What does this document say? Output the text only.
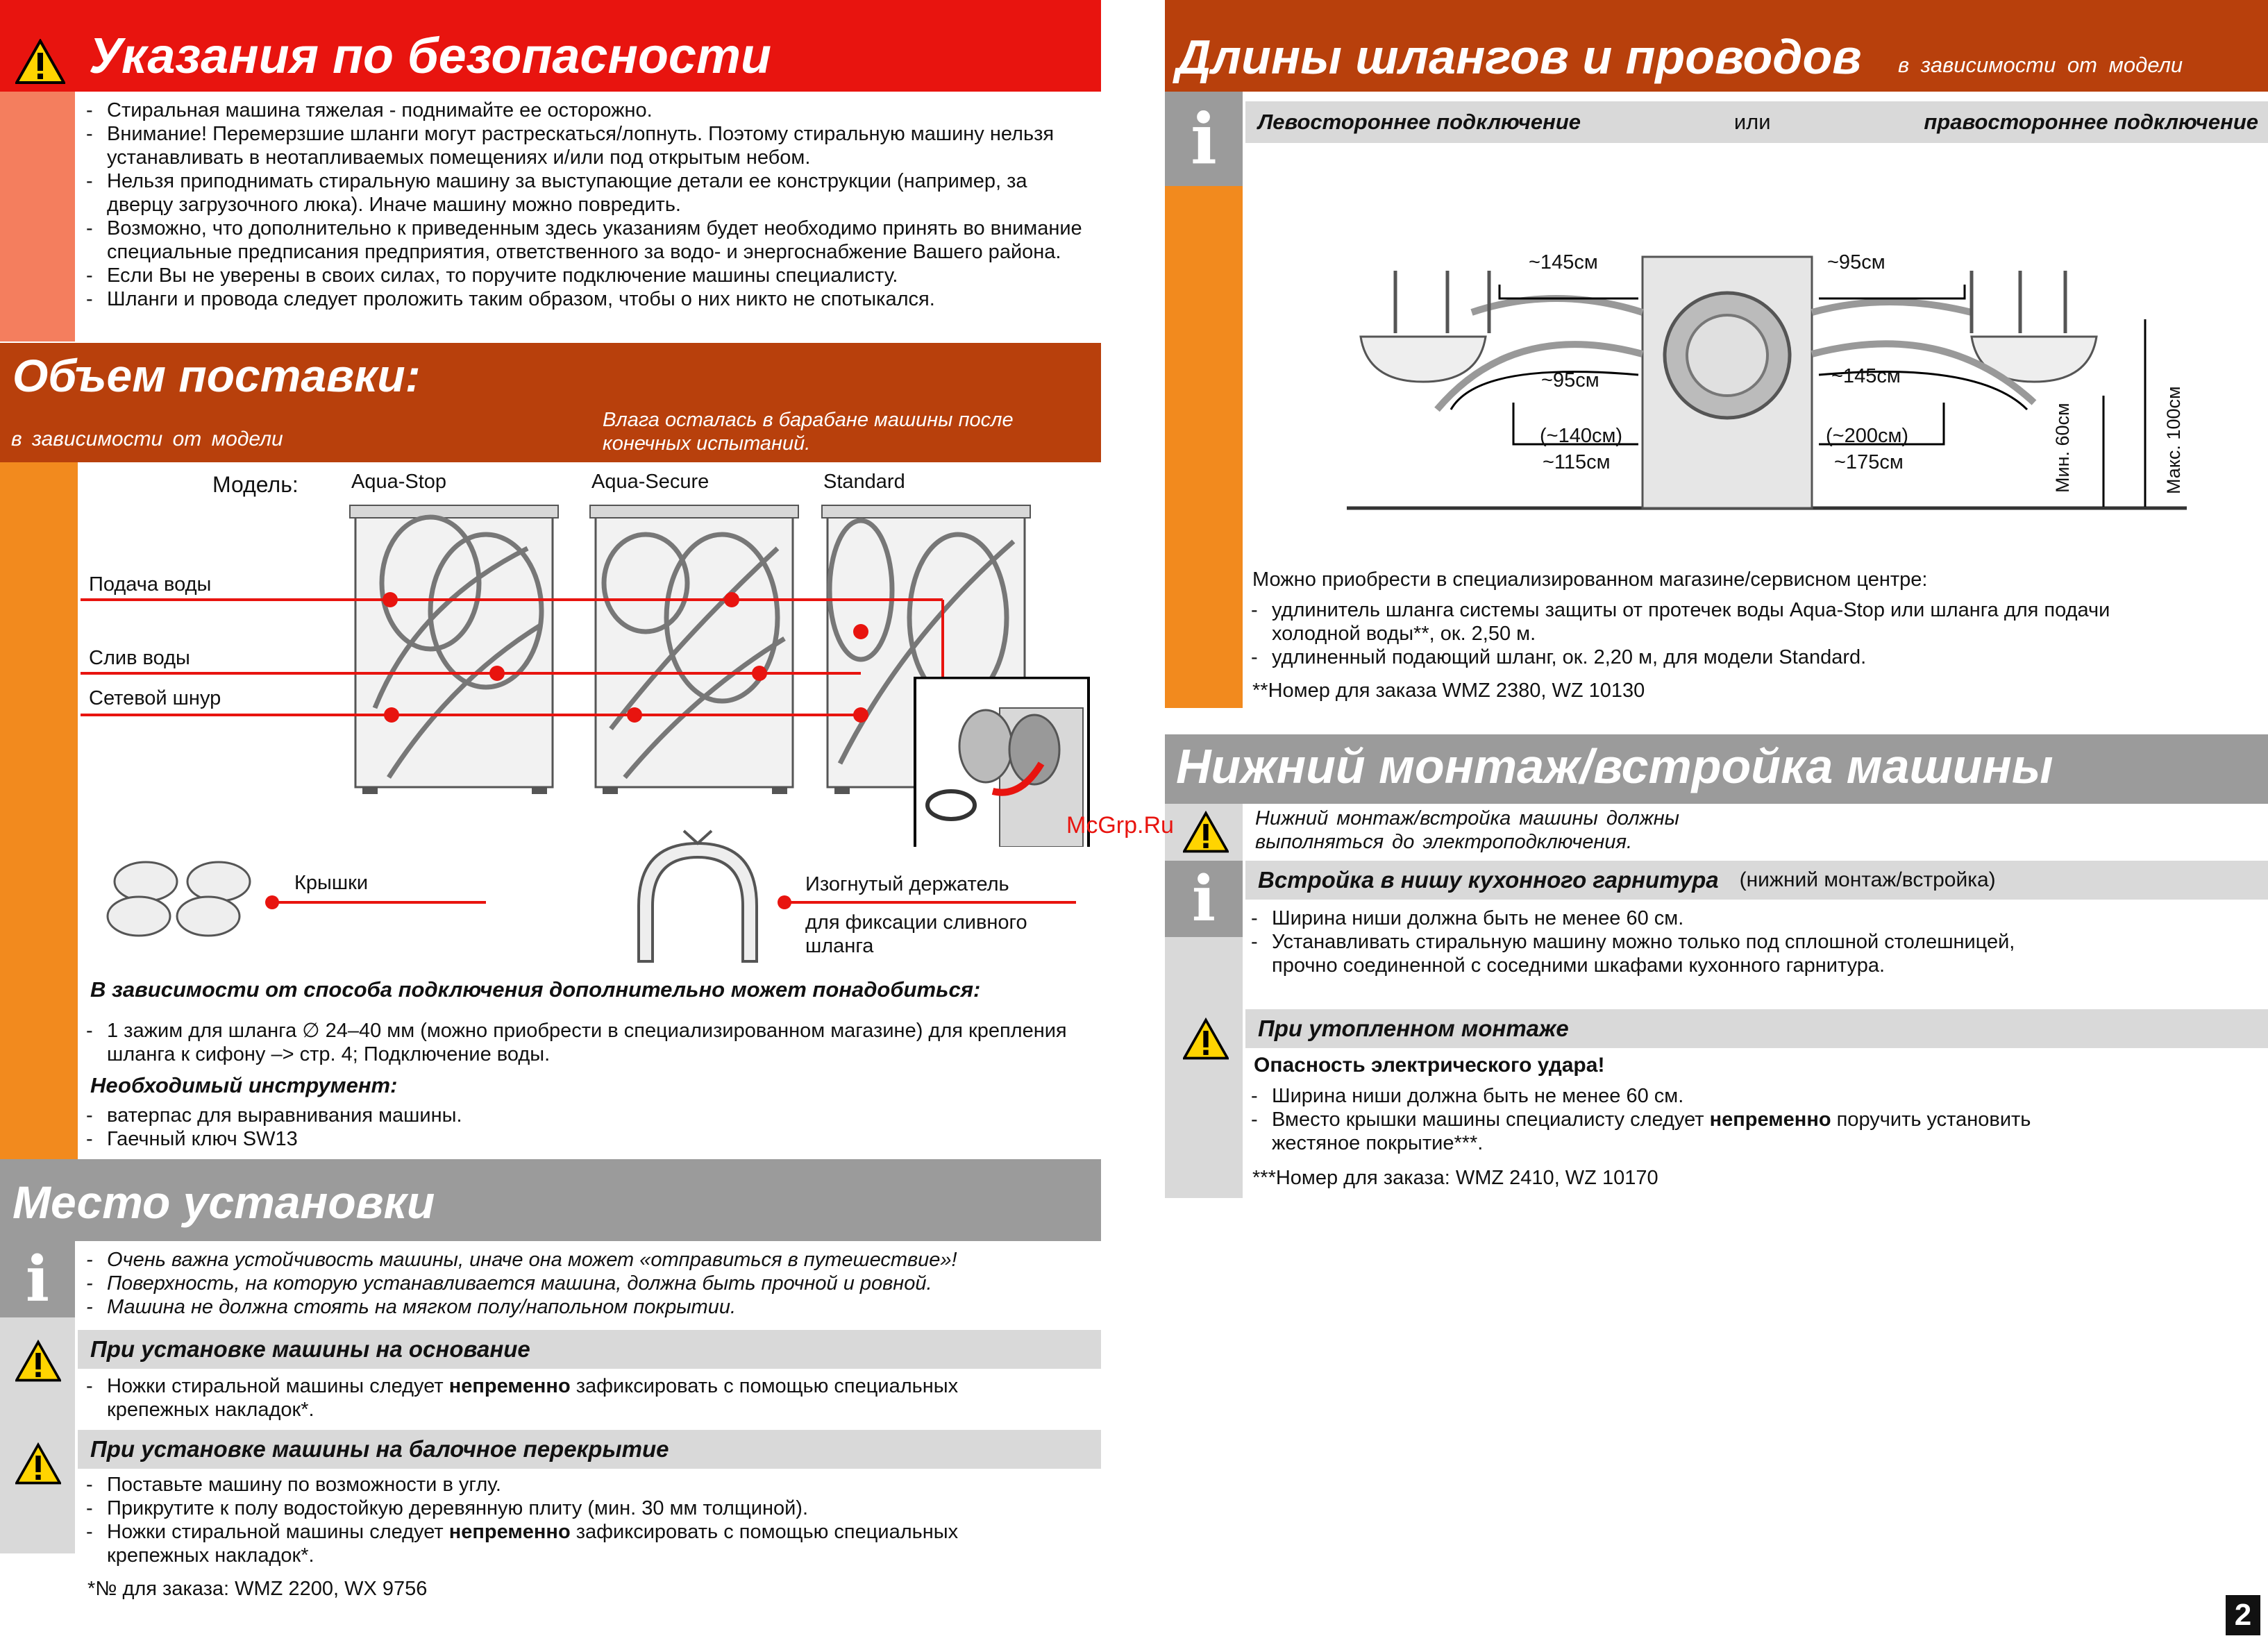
Указания по безопасности
- Стиральная машина тяжелая - поднимайте ее осторожно.
- Внимание! Перемерзшие шланги могут растрескаться/лопнуть. Поэтому стиральную машину нельзя устанавливать в неотапливаемых помещениях и/или под открытым небом.
- Нельзя приподнимать стиральную машину за выступающие детали ее конструкции (например, за дверцу загрузочного люка). Иначе машину можно повредить.
- Возможно, что дополнительно к приведенным здесь указаниям будет необходимо принять во внимание специальные предписания предприятия, ответственного за водо- и энергоснабжение Вашего района.
- Если Вы не уверены в своих силах, то поручите подключение машины специалисту.
- Шланги и провода следует проложить таким образом, чтобы о них никто не спотыкался.
Объем поставки:
в зависимости от модели
Влага осталась в барабане машины после конечных испытаний.
Модель:	Aqua-Stop	Aqua-Secure	Standard
Подача воды
Слив воды
Сетевой шнур
Крышки	Изогнутый держатель
для фиксации сливного шланга
В зависимости от способа подключения дополнительно может понадобиться:
- 1 зажим для шланга ∅ 24–40 мм (можно приобрести в специализированном магазине) для крепления шланга к сифону –> стр. 4; Подключение воды.
Необходимый инструмент:
- ватерпас для выравнивания машины.
- Гаечный ключ SW13
Место установки
i
-	Очень важна устойчивость машины, иначе она может «отправиться в путешествие»!
- Поверхность, на которую устанавливается машина, должна быть прочной и ровной.
- Машина не должна стоять на мягком полу/напольном покрытии.
При установке машины на основание
- Ножки стиральной машины следует непременно зафиксировать с помощью специальных крепежных накладок*.
При установке машины на балочное перекрытие
- Поставьте машину по возможности в углу.
- Прикрутите к полу водостойкую деревянную плиту (мин. 30 мм толщиной).
- Ножки стиральной машины следует непременно зафиксировать с помощью специальных крепежных накладок*.
*№ для заказа: WMZ 2200, WX 9756
Длины шлангов и проводов в зависимости от модели
i	Левостороннее подключение	или	правостороннее подключение
~145см	~95см
~95см	~145см
(~140см)
~115см
(~200см)
~175см	Мин. 60см	Макс. 100см
Можно приобрести в специализированном магазине/сервисном центре:
- удлинитель шланга системы защиты от протечек воды Aqua-Stop или шланга для подачи холодной воды**, ок. 2,50 м.
- удлиненный подающий шланг, ок. 2,20 м, для модели Standard.
**Номер для заказа WMZ 2380, WZ 10130
Нижний монтаж/встройка машины
Нижний монтаж/встройка машины должны выполняться до электроподключения.
i	Встройка в нишу кухонного гарнитура (нижний монтаж/встройка)
- Ширина ниши должна быть не менее 60 см.
- Устанавливать стиральную машину можно только под сплошной столешницей, прочно соединенной с соседними шкафами кухонного гарнитура.
При утопленном монтаже
Опасность электрического удара!
- Ширина ниши должна быть не менее 60 см.
- Вместо крышки машины специалисту следует непременно поручить установить жестяное покрытие***.
***Номер для заказа: WMZ 2410, WZ 10170
McGrp.Ru
2
